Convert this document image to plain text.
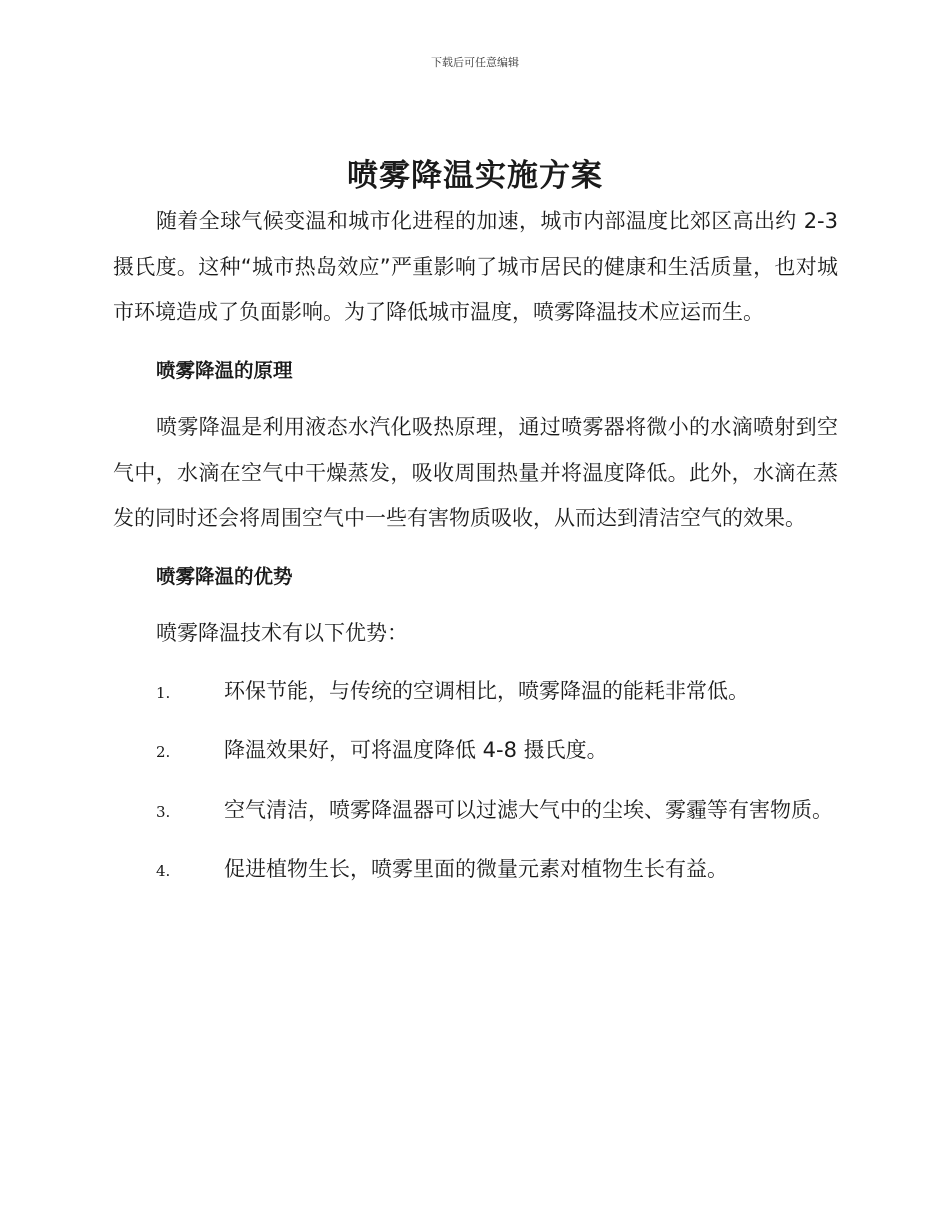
下载后可任意编辑
喷雾降温实施方案

随着全球气候变温和城市化进程的加速，城市内部温度比郊区高出约 2-3 摄氏度。这种“城市热岛效应”严重影响了城市居民的健康和生活质量，也对城市环境造成了负面影响。为了降低城市温度，喷雾降温技术应运而生。

喷雾降温的原理

喷雾降温是利用液态水汽化吸热原理，通过喷雾器将微小的水滴喷射到空气中，水滴在空气中干燥蒸发，吸收周围热量并将温度降低。此外，水滴在蒸发的同时还会将周围空气中一些有害物质吸收，从而达到清洁空气的效果。

喷雾降温的优势

喷雾降温技术有以下优势：

1.	环保节能，与传统的空调相比，喷雾降温的能耗非常低。

2.	降温效果好，可将温度降低 4-8 摄氏度。

3.	空气清洁，喷雾降温器可以过滤大气中的尘埃、雾霾等有害物质。

4.	促进植物生长，喷雾里面的微量元素对植物生长有益。
